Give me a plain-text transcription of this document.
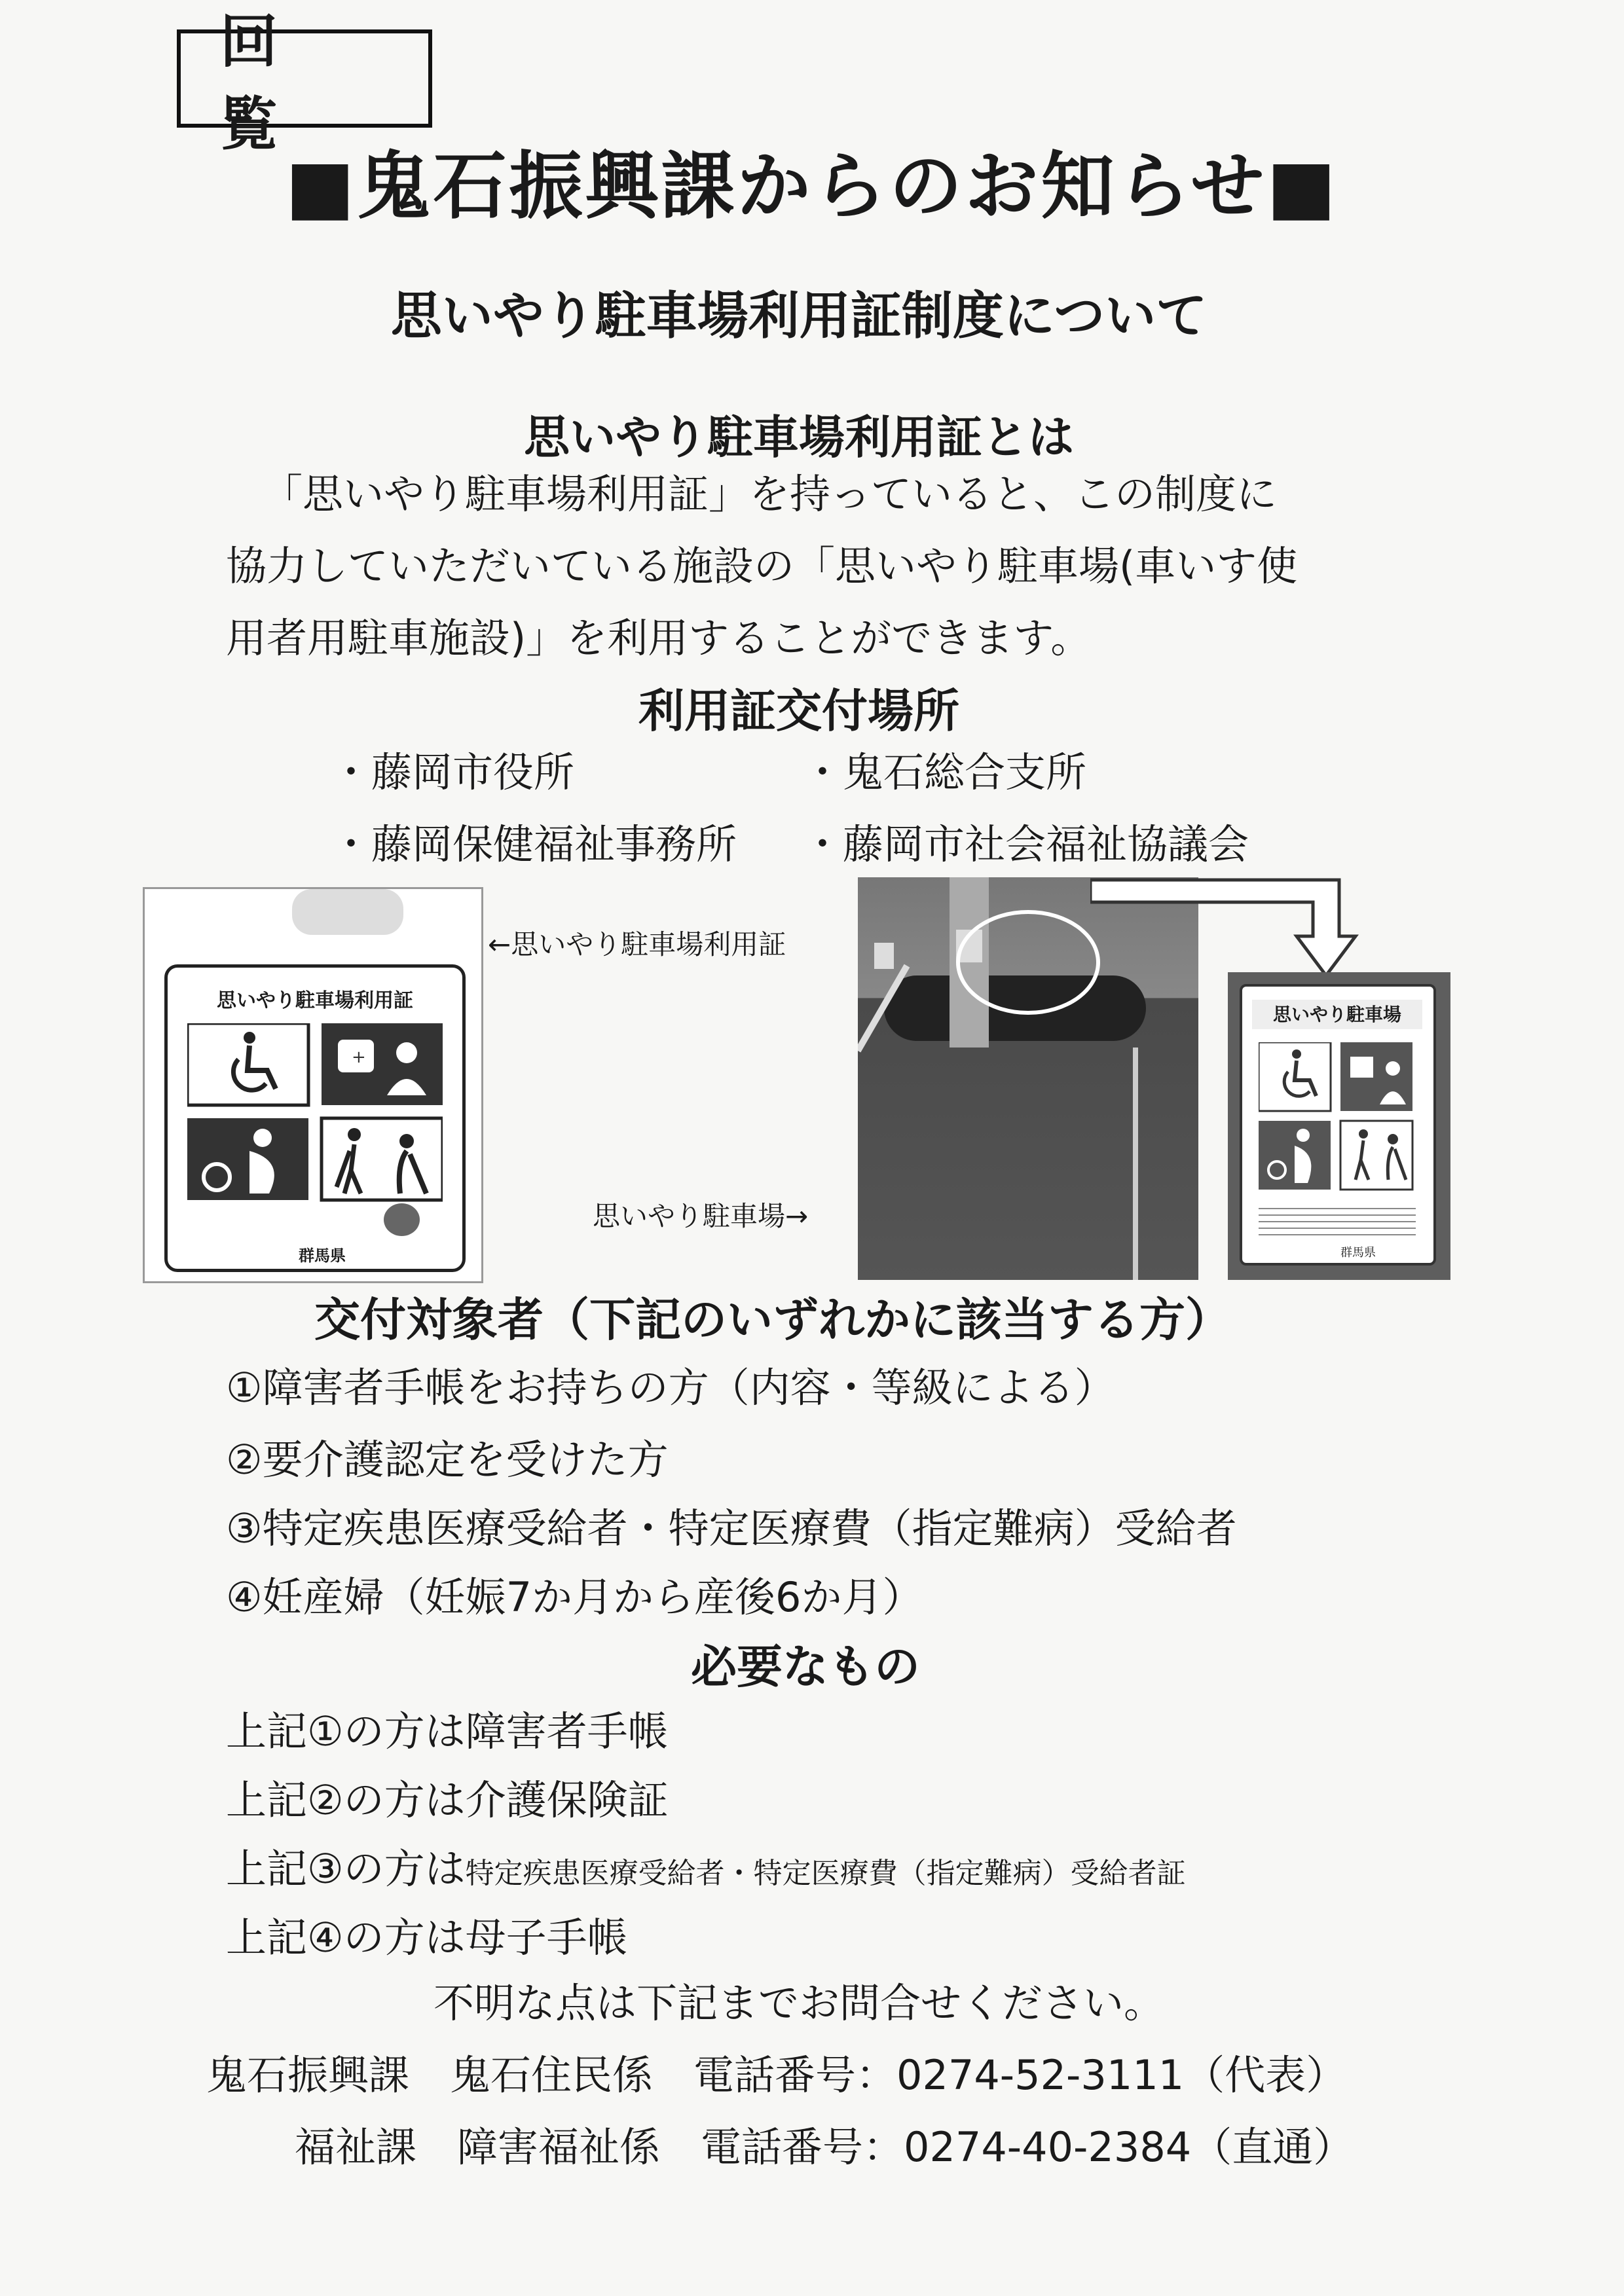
回　覧
■鬼石振興課からのお知らせ■
思いやり駐車場利用証制度について
思いやり駐車場利用証とは
「思いやり駐車場利用証」を持っていると、この制度に
協力していただいている施設の「思いやり駐車場(車いす使
用者用駐車施設)」を利用することができます。
利用証交付場所
・藤岡市役所	・鬼石総合支所
・藤岡保健福祉事務所 ・藤岡市社会福祉協議会
思いやり駐車場利用証
+
群馬県
←思いやり駐車場利用証
思いやり駐車場→
思いやり駐車場
群馬県
交付対象者（下記のいずれかに該当する方）
①障害者手帳をお持ちの方（内容・等級による）
②要介護認定を受けた方
③特定疾患医療受給者・特定医療費（指定難病）受給者
④妊産婦（妊娠7か月から産後6か月）
必要なもの
上記①の方は障害者手帳
上記②の方は介護保険証
上記③の方は特定疾患医療受給者・特定医療費（指定難病）受給者証
上記④の方は母子手帳
不明な点は下記までお問合せください。
鬼石振興課　鬼石住民係　電話番号：0274-52-3111（代表）
福祉課　障害福祉係　電話番号：0274-40-2384（直通）
